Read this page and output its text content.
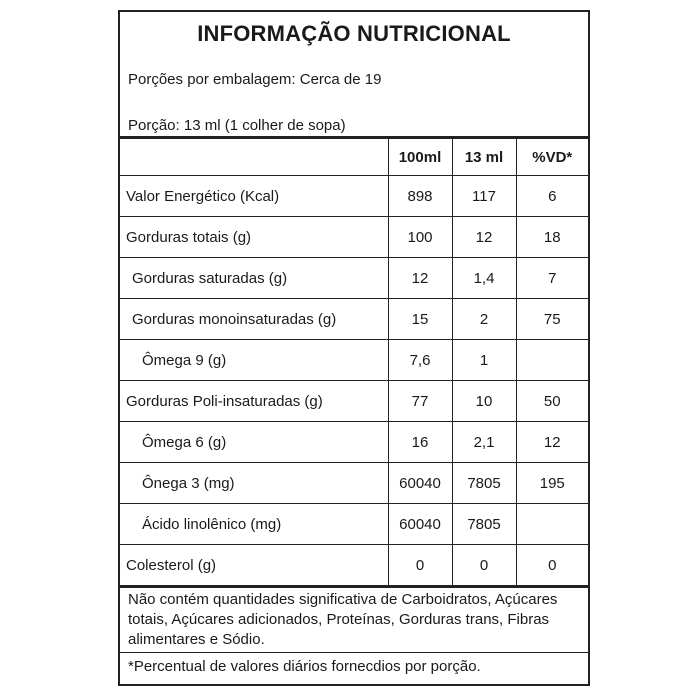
INFORMAÇÃO NUTRICIONAL
Porções por embalagem: Cerca de 19
Porção: 13 ml (1 colher de sopa)
	100ml	13 ml	%VD*
Valor Energético (Kcal)	898	117	6
Gorduras totais (g)	100	12	18
Gorduras saturadas (g)	12	1,4	7
Gorduras monoinsaturadas (g)	15	2	75
Ômega 9 (g)	7,6	1	
Gorduras Poli-insaturadas (g)	77	10	50
Ômega 6 (g)	16	2,1	12
Ônega 3 (mg)	60040	7805	195
Ácido linolênico (mg)	60040	7805	
Colesterol (g)	0	0	0
Não contém quantidades significativa de Carboidratos, Açúcares totais, Açúcares adicionados, Proteínas, Gorduras trans, Fibras alimentares e Sódio.
*Percentual de valores diários fornecdios por porção.
